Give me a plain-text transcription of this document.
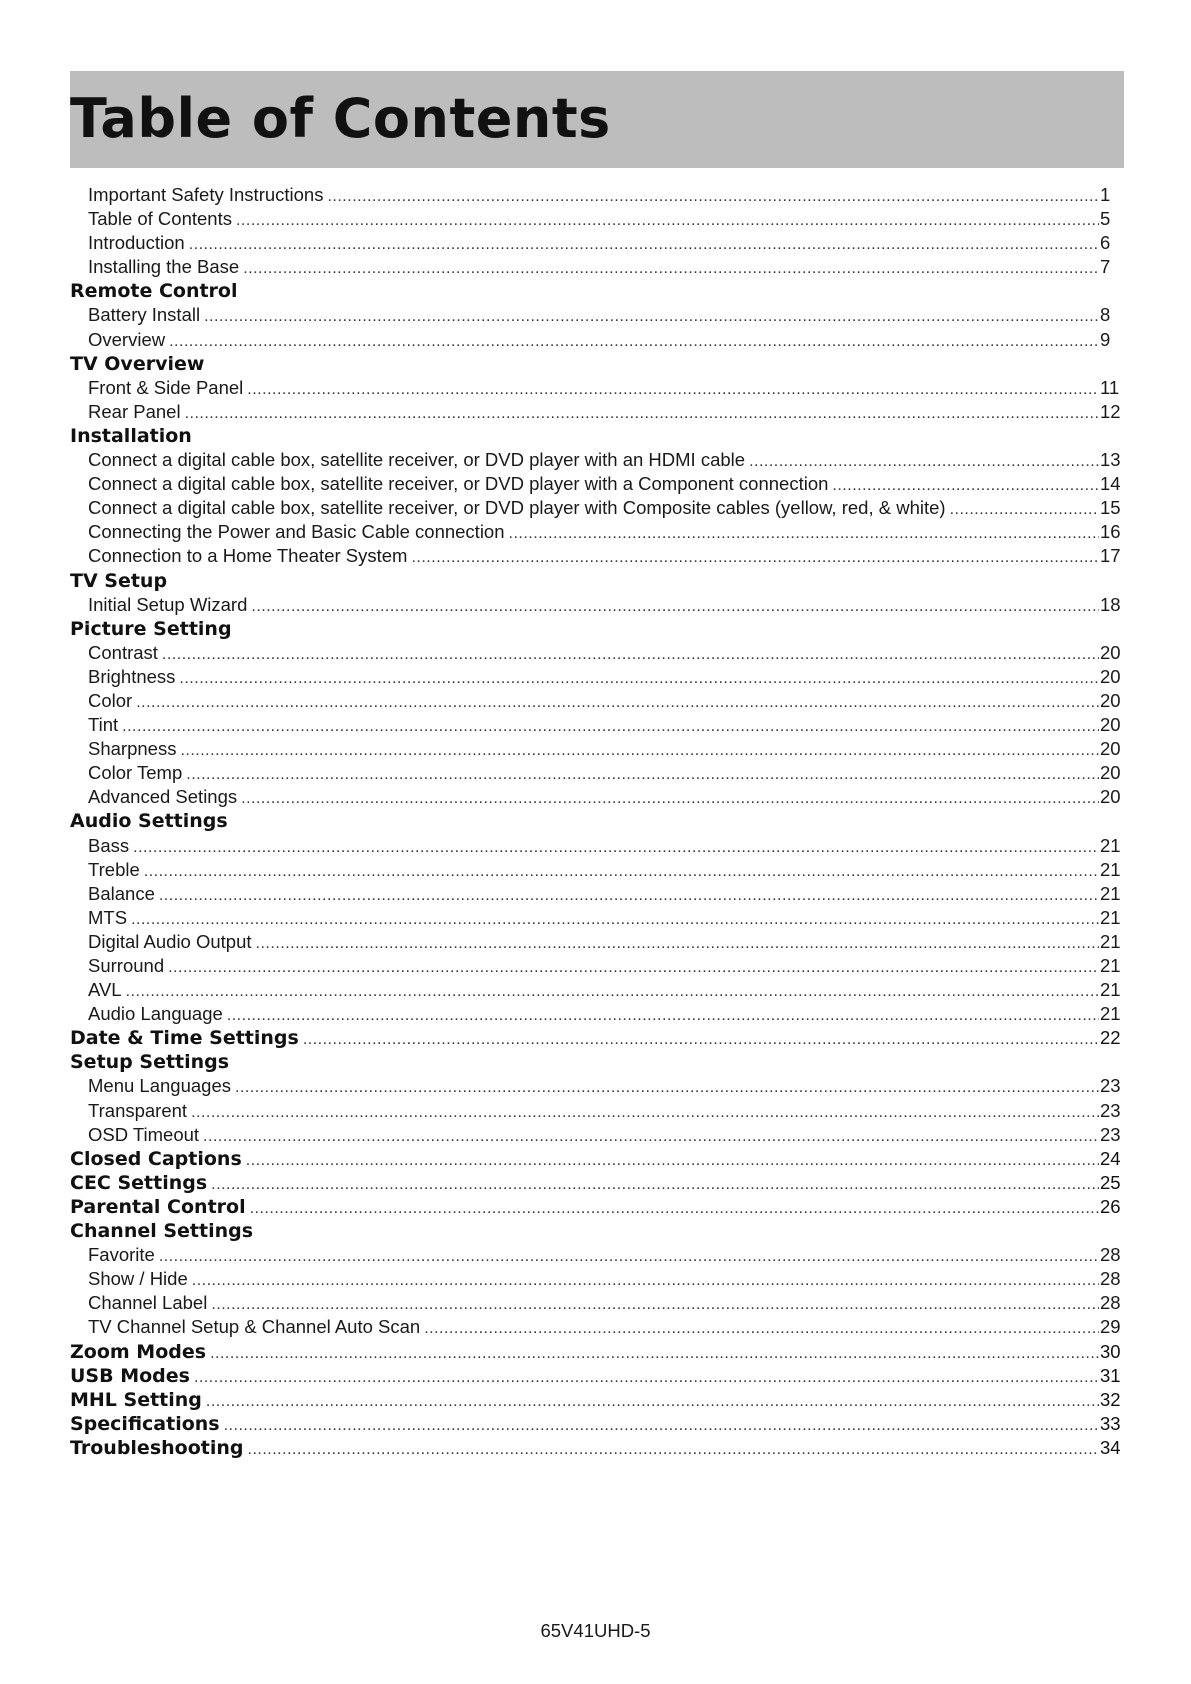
Table of Contents
Important Safety Instructions .....	1
Table of Contents .....	5
Introduction .....	6
Installing the Base .....	7
Remote Control
Battery Install .....	8
Overview .....	9
TV Overview
Front & Side Panel .....	11
Rear Panel .....	12
Installation
Connect a digital cable box, satellite receiver, or DVD player with an HDMI cable .....	13
Connect a digital cable box, satellite receiver, or DVD player with a Component connection .....	14
Connect a digital cable box, satellite receiver, or DVD player with Composite cables (yellow, red, & white) .....	15
Connecting the Power and Basic Cable connection .....	16
Connection to a Home Theater System .....	17
TV Setup
Initial Setup Wizard .....	18
Picture Setting
Contrast .....	20
Brightness .....	20
Color .....	20
Tint .....	20
Sharpness .....	20
Color Temp .....	20
Advanced Setings .....	20
Audio Settings
Bass .....	21
Treble .....	21
Balance .....	21
MTS .....	21
Digital Audio Output .....	21
Surround .....	21
AVL .....	21
Audio Language .....	21
Date & Time Settings .....	22
Setup Settings
Menu Languages .....	23
Transparent .....	23
OSD Timeout .....	23
Closed Captions .....	24
CEC Settings .....	25
Parental Control .....	26
Channel Settings
Favorite .....	28
Show / Hide .....	28
Channel Label .....	28
TV Channel Setup & Channel Auto Scan .....	29
Zoom Modes .....	30
USB Modes .....	31
MHL Setting .....	32
Specifications .....	33
Troubleshooting .....	34
65V41UHD-5
